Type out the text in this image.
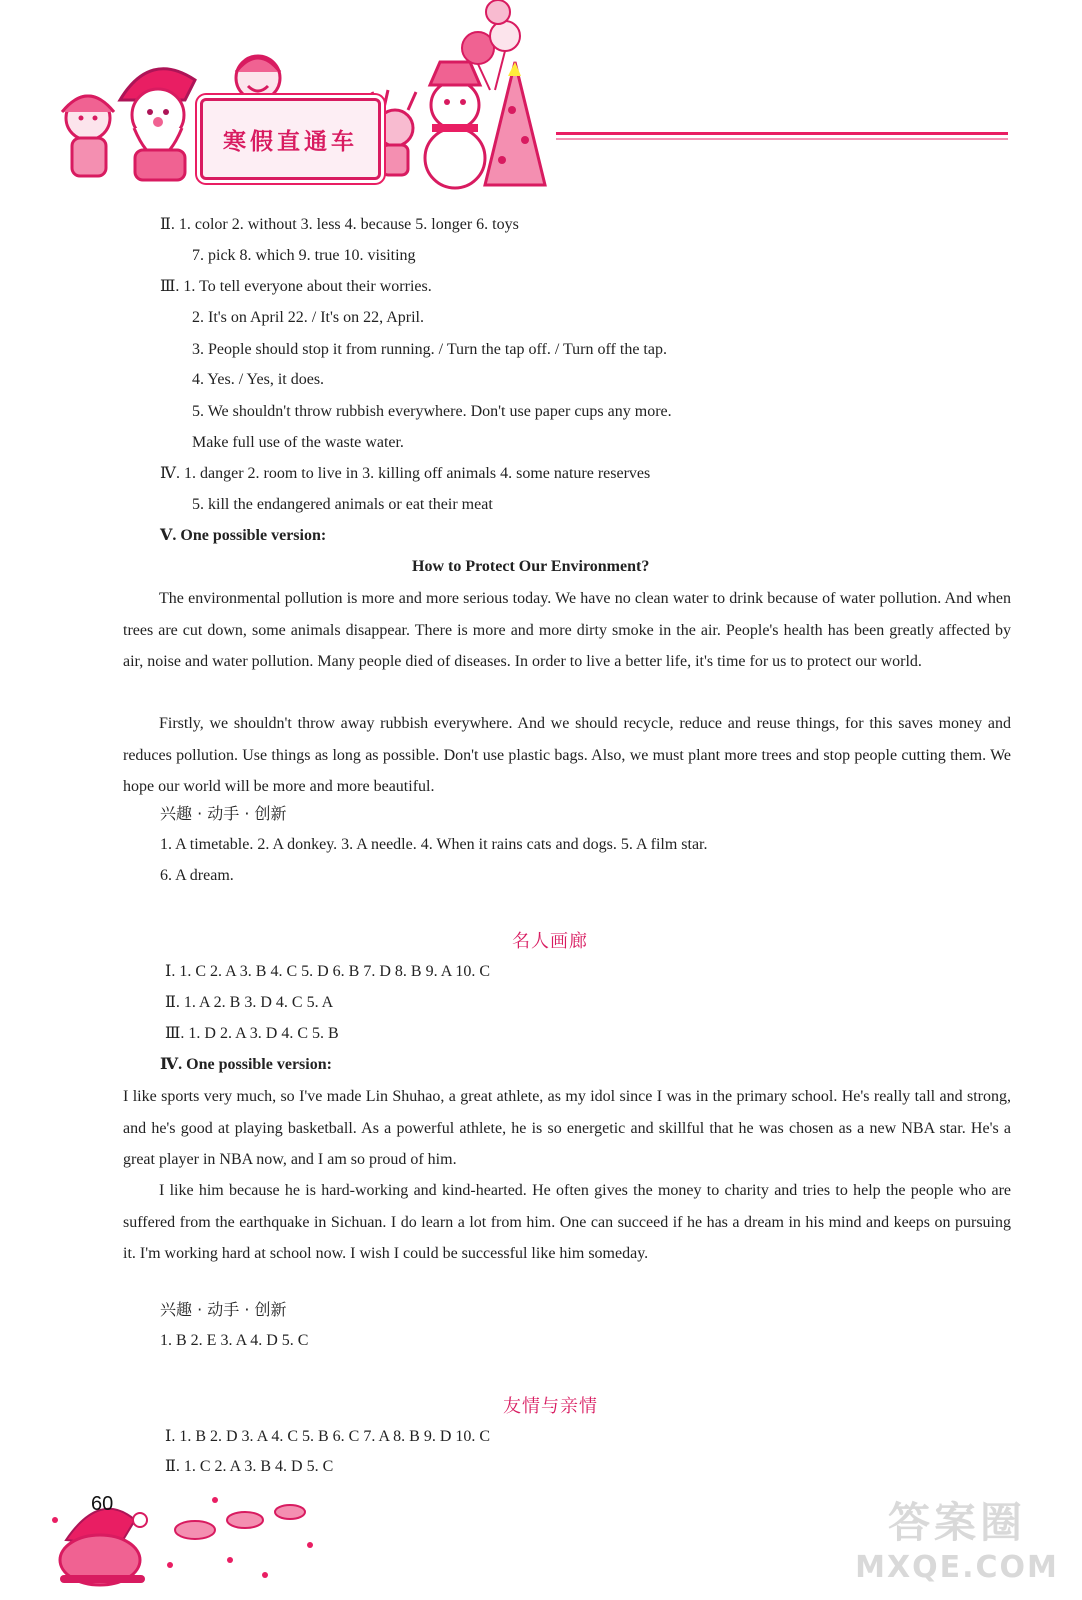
寒假直通车
Ⅱ. 1. color 2. without 3. less 4. because 5. longer 6. toys
7. pick 8. which 9. true 10. visiting
Ⅲ. 1. To tell everyone about their worries.
2. It's on April 22. / It's on 22, April.
3. People should stop it from running. / Turn the tap off. / Turn off the tap.
4. Yes. / Yes, it does.
5. We shouldn't throw rubbish everywhere. Don't use paper cups any more.
Make full use of the waste water.
Ⅳ. 1. danger 2. room to live in 3. killing off animals 4. some nature reserves
5. kill the endangered animals or eat their meat
Ⅴ. One possible version:
How to Protect Our Environment?
The environmental pollution is more and more serious today. We have no clean water to drink because of water pollution. And when trees are cut down, some animals disappear. There is more and more dirty smoke in the air. People's health has been greatly affected by air, noise and water pollution. Many people died of diseases. In order to live a better life, it's time for us to protect our world.
Firstly, we shouldn't throw away rubbish everywhere. And we should recycle, reduce and reuse things, for this saves money and reduces pollution. Use things as long as possible. Don't use plastic bags. Also, we must plant more trees and stop people cutting them. We hope our world will be more and more beautiful.
兴趣 · 动手 · 创新
1. A timetable. 2. A donkey. 3. A needle. 4. When it rains cats and dogs. 5. A film star.
6. A dream.
名人画廊
Ⅰ. 1. C 2. A 3. B 4. C 5. D 6. B 7. D 8. B 9. A 10. C
Ⅱ. 1. A 2. B 3. D 4. C 5. A
Ⅲ. 1. D 2. A 3. D 4. C 5. B
Ⅳ. One possible version:
I like sports very much, so I've made Lin Shuhao, a great athlete, as my idol since I was in the primary school. He's really tall and strong, and he's good at playing basketball. As a powerful athlete, he is so energetic and skillful that he was chosen as a new NBA star. He's a great player in NBA now, and I am so proud of him.
I like him because he is hard-working and kind-hearted. He often gives the money to charity and tries to help the people who are suffered from the earthquake in Sichuan. I do learn a lot from him. One can succeed if he has a dream in his mind and keeps on pursuing it. I'm working hard at school now. I wish I could be successful like him someday.
兴趣 · 动手 · 创新
1. B 2. E 3. A 4. D 5. C
友情与亲情
Ⅰ. 1. B 2. D 3. A 4. C 5. B 6. C 7. A 8. B 9. D 10. C
Ⅱ. 1. C 2. A 3. B 4. D 5. C
60	答案圈
MXQE.COM
